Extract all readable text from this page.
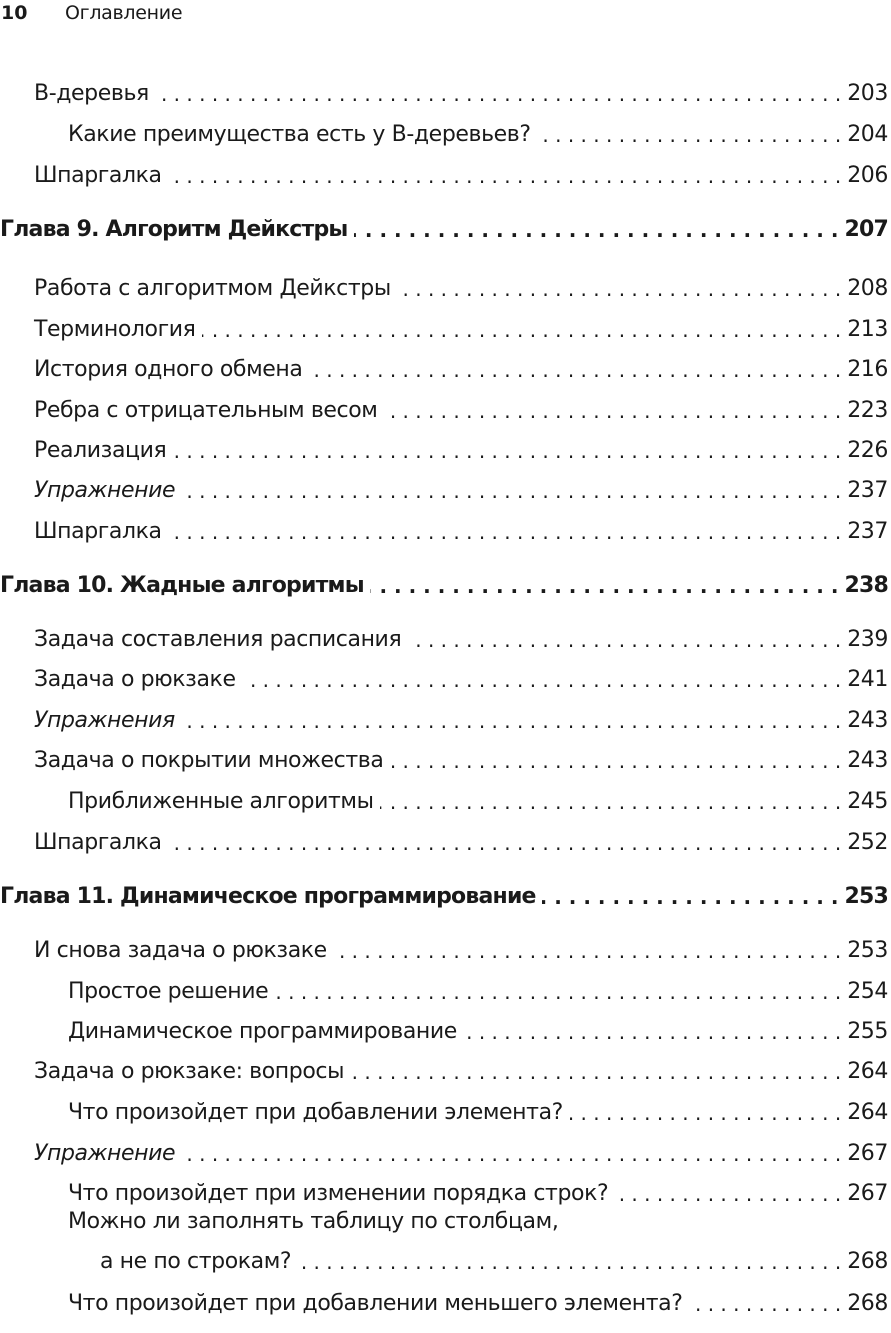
10	Оглавление
B-деревья . . .	203
Какие преимущества есть у B-деревьев? . . .	204
Шпаргалка . . .	206
Глава 9. Алгоритм Дейкстры . . .	207
Работа с алгоритмом Дейкстры . . .	208
Терминология . . .	213
История одного обмена . . .	216
Ребра с отрицательным весом . . .	223
Реализация . . .	226
Упражнение . . .	237
Шпаргалка . . .	237
Глава 10. Жадные алгоритмы . . .	238
Задача составления расписания . . .	239
Задача о рюкзаке . . .	241
Упражнения . . .	243
Задача о покрытии множества . . .	243
Приближенные алгоритмы . . .	245
Шпаргалка . . .	252
Глава 11. Динамическое программирование . . .	253
И снова задача о рюкзаке . . .	253
Простое решение . . .	254
Динамическое программирование . . .	255
Задача о рюкзаке: вопросы . . .	264
Что произойдет при добавлении элемента? . . .	264
Упражнение . . .	267
Что произойдет при изменении порядка строк? . . .	267
Можно ли заполнять таблицу по столбцам,
а не по строкам? . . .	268
Что произойдет при добавлении меньшего элемента? . . .	268
